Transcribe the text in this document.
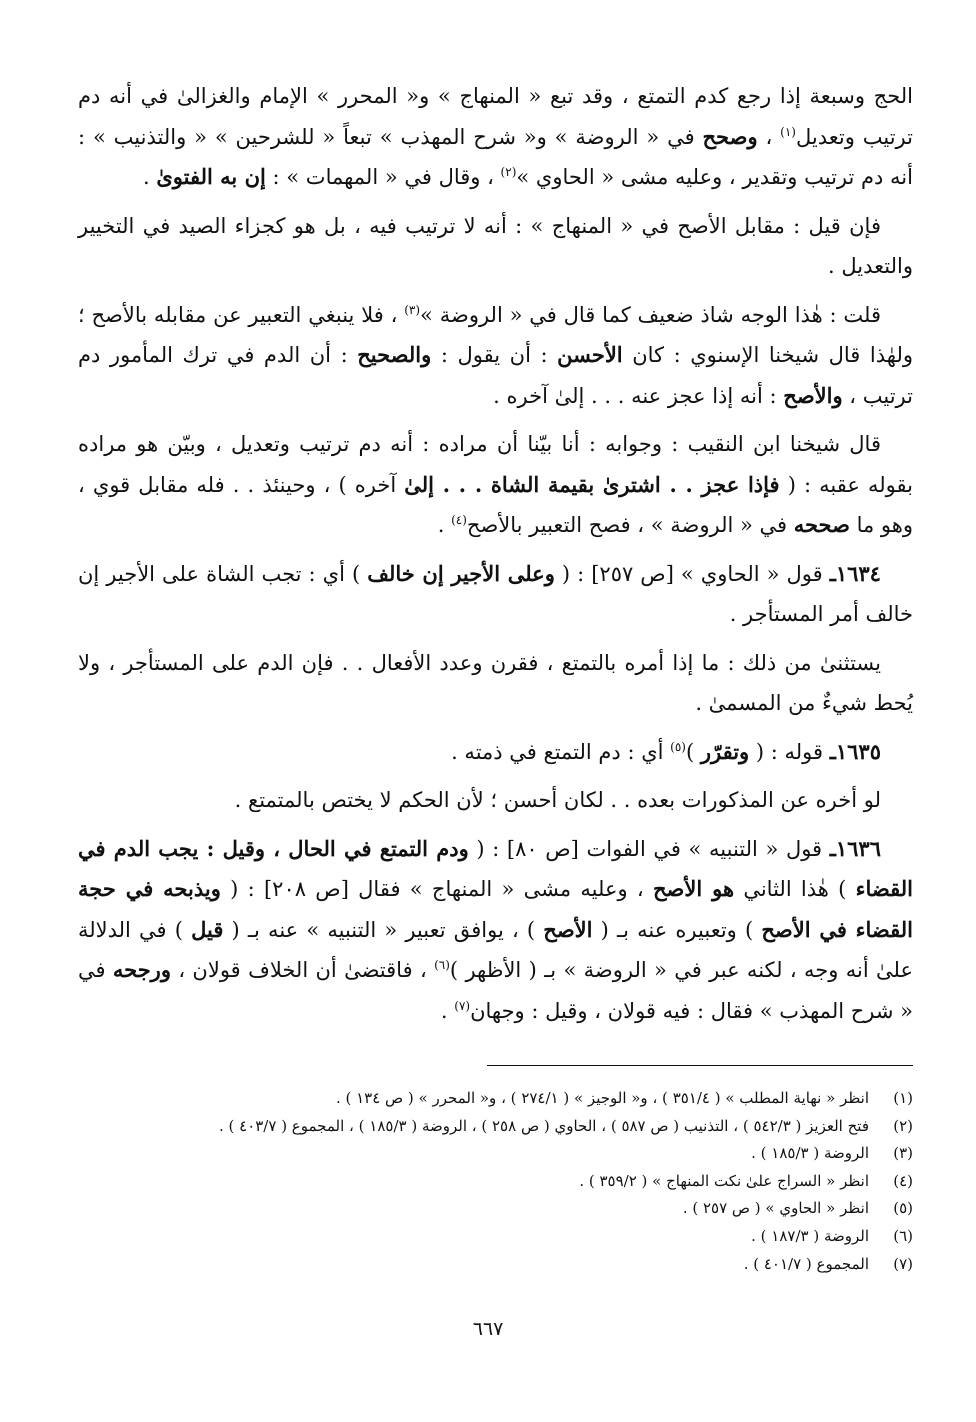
الحج وسبعة إذا رجع كدم التمتع ، وقد تبع « المنهاج » و« المحرر » الإمام والغزالىٰ في أنه دم ترتيب وتعديل$^{(١)}$ ، وصحح في « الروضة » و« شرح المهذب » تبعاً « للشرحين » « والتذنيب » : أنه دم ترتيب وتقدير ، وعليه مشى « الحاوي »$^{(٢)}$ ، وقال في « المهمات » : إن به الفتوىٰ .

فإن قيل : مقابل الأصح في « المنهاج » : أنه لا ترتيب فيه ، بل هو كجزاء الصيد في التخيير والتعديل .

قلت : هٰذا الوجه شاذ ضعيف كما قال في « الروضة »$^{(٣)}$ ، فلا ينبغي التعبير عن مقابله بالأصح ؛ ولهٰذا قال شيخنا الإسنوي : كان الأحسن : أن يقول : والصحيح : أن الدم في ترك المأمور دم ترتيب ، والأصح : أنه إذا عجز عنه . . . إلىٰ آخره .

قال شيخنا ابن النقيب : وجوابه : أنا بيّنا أن مراده : أنه دم ترتيب وتعديل ، وبيّن هو مراده بقوله عقبه : ( فإذا عجز . . اشترىٰ بقيمة الشاة . . . إلىٰ آخره ) ، وحينئذ . . فله مقابل قوي ، وهو ما صححه في « الروضة » ، فصح التعبير بالأصح$^{(٤)}$ .

١٦٣٤ـ قول « الحاوي » [ص ٢٥٧] : ( وعلى الأجير إن خالف ) أي : تجب الشاة على الأجير إن خالف أمر المستأجر .

يستثنىٰ من ذلك : ما إذا أمره بالتمتع ، فقرن وعدد الأفعال . . فإن الدم على المستأجر ، ولا يُحط شيءٌ من المسمىٰ .

١٦٣٥ـ قوله : ( وتقرّر )$^{(٥)}$ أي : دم التمتع في ذمته .

لو أخره عن المذكورات بعده . . لكان أحسن ؛ لأن الحكم لا يختص بالمتمتع .

١٦٣٦ـ قول « التنبيه » في الفوات [ص ٨٠] : ( ودم التمتع في الحال ، وقيل : يجب الدم في القضاء ) هٰذا الثاني هو الأصح ، وعليه مشى « المنهاج » فقال [ص ٢٠٨] : ( ويذبحه في حجة القضاء في الأصح ) وتعبيره عنه بـ ( الأصح ) ، يوافق تعبير « التنبيه » عنه بـ ( قيل ) في الدلالة علىٰ أنه وجه ، لكنه عبر في « الروضة » بـ ( الأظهر )$^{(٦)}$ ، فاقتضىٰ أن الخلاف قولان ، ورجحه في « شرح المهذب » فقال : فيه قولان ، وقيل : وجهان$^{(٧)}$ .

(١)انظر « نهاية المطلب » ( ٣٥١/٤ ) ، و« الوجيز » ( ٢٧٤/١ ) ، و« المحرر » ( ص ١٣٤ ) .
(٢)فتح العزيز ( ٥٤٢/٣ ) ، التذنيب ( ص ٥٨٧ ) ، الحاوي ( ص ٢٥٨ ) ، الروضة ( ١٨٥/٣ ) ، المجموع ( ٤٠٣/٧ ) .
(٣)الروضة ( ١٨٥/٣ ) .
(٤)انظر « السراج علىٰ نكت المنهاج » ( ٣٥٩/٢ ) .
(٥)انظر « الحاوي » ( ص ٢٥٧ ) .
(٦)الروضة ( ١٨٧/٣ ) .
(٧)المجموع ( ٤٠١/٧ ) .
٦٦٧
